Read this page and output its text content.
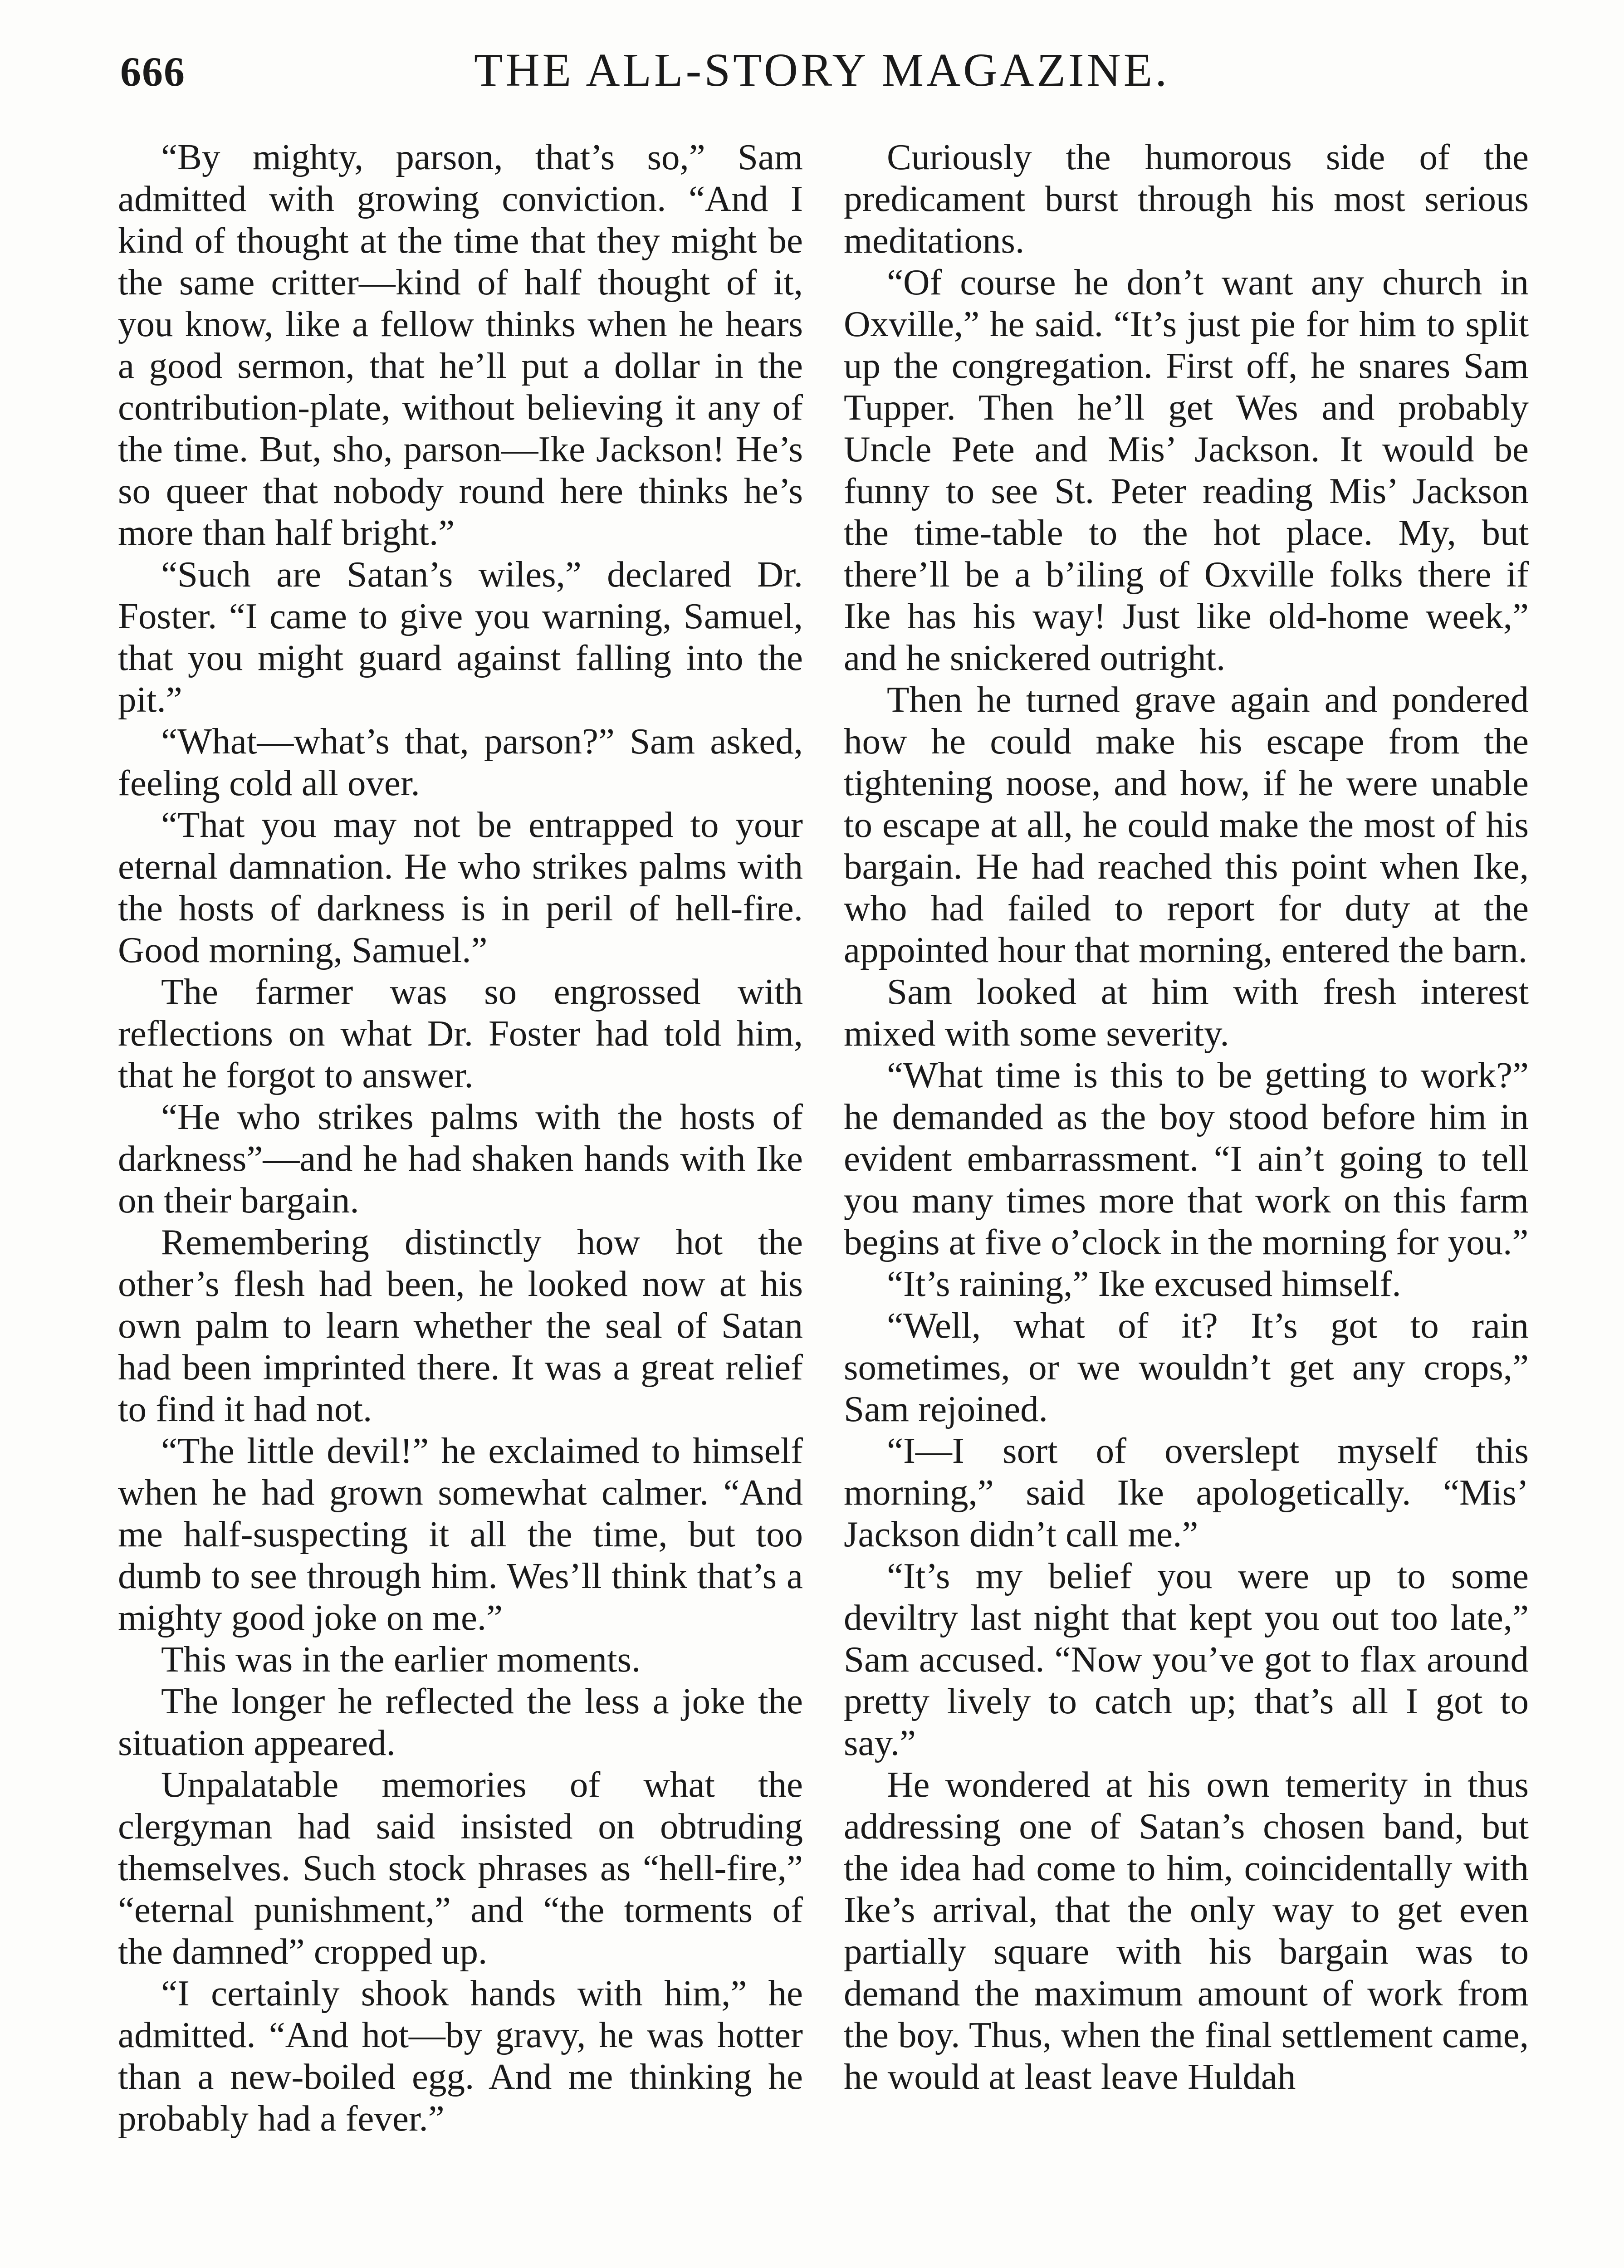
666	THE ALL-STORY MAGAZINE.

“By mighty, parson, that’s so,” Sam admitted with growing conviction. “And I kind of thought at the time that they might be the same critter—kind of half thought of it, you know, like a fellow thinks when he hears a good sermon, that he’ll put a dollar in the contribution-plate, without believing it any of the time. But, sho, parson—Ike Jackson! He’s so queer that nobody round here thinks he’s more than half bright.”

“Such are Satan’s wiles,” declared Dr. Foster. “I came to give you warning, Samuel, that you might guard against falling into the pit.”

“What—what’s that, parson?” Sam asked, feeling cold all over.

“That you may not be entrapped to your eternal damnation. He who strikes palms with the hosts of darkness is in peril of hell-fire. Good morning, Samuel.”

The farmer was so engrossed with reflections on what Dr. Foster had told him, that he forgot to answer.

“He who strikes palms with the hosts of darkness”—and he had shaken hands with Ike on their bargain.

Remembering distinctly how hot the other’s flesh had been, he looked now at his own palm to learn whether the seal of Satan had been imprinted there. It was a great relief to find it had not.

“The little devil!” he exclaimed to himself when he had grown somewhat calmer. “And me half-suspecting it all the time, but too dumb to see through him. Wes’ll think that’s a mighty good joke on me.”

This was in the earlier moments.

The longer he reflected the less a joke the situation appeared.

Unpalatable memories of what the clergyman had said insisted on obtruding themselves. Such stock phrases as “hell-fire,” “eternal punishment,” and “the torments of the damned” cropped up.

“I certainly shook hands with him,” he admitted. “And hot—by gravy, he was hotter than a new-boiled egg. And me thinking he probably had a fever.”

Curiously the humorous side of the predicament burst through his most serious meditations.

“Of course he don’t want any church in Oxville,” he said. “It’s just pie for him to split up the congregation. First off, he snares Sam Tupper. Then he’ll get Wes and probably Uncle Pete and Mis’ Jackson. It would be funny to see St. Peter reading Mis’ Jackson the time-table to the hot place. My, but there’ll be a b’iling of Oxville folks there if Ike has his way! Just like old-home week,” and he snickered outright.

Then he turned grave again and pondered how he could make his escape from the tightening noose, and how, if he were unable to escape at all, he could make the most of his bargain. He had reached this point when Ike, who had failed to report for duty at the appointed hour that morning, entered the barn.

Sam looked at him with fresh interest mixed with some severity.

“What time is this to be getting to work?” he demanded as the boy stood before him in evident embarrassment. “I ain’t going to tell you many times more that work on this farm begins at five o’clock in the morning for you.”

“It’s raining,” Ike excused himself.

“Well, what of it? It’s got to rain sometimes, or we wouldn’t get any crops,” Sam rejoined.

“I—I sort of overslept myself this morning,” said Ike apologetically. “Mis’ Jackson didn’t call me.”

“It’s my belief you were up to some deviltry last night that kept you out too late,” Sam accused. “Now you’ve got to flax around pretty lively to catch up; that’s all I got to say.”

He wondered at his own temerity in thus addressing one of Satan’s chosen band, but the idea had come to him, coincidentally with Ike’s arrival, that the only way to get even partially square with his bargain was to demand the maximum amount of work from the boy. Thus, when the final settlement came, he would at least leave Huldah
